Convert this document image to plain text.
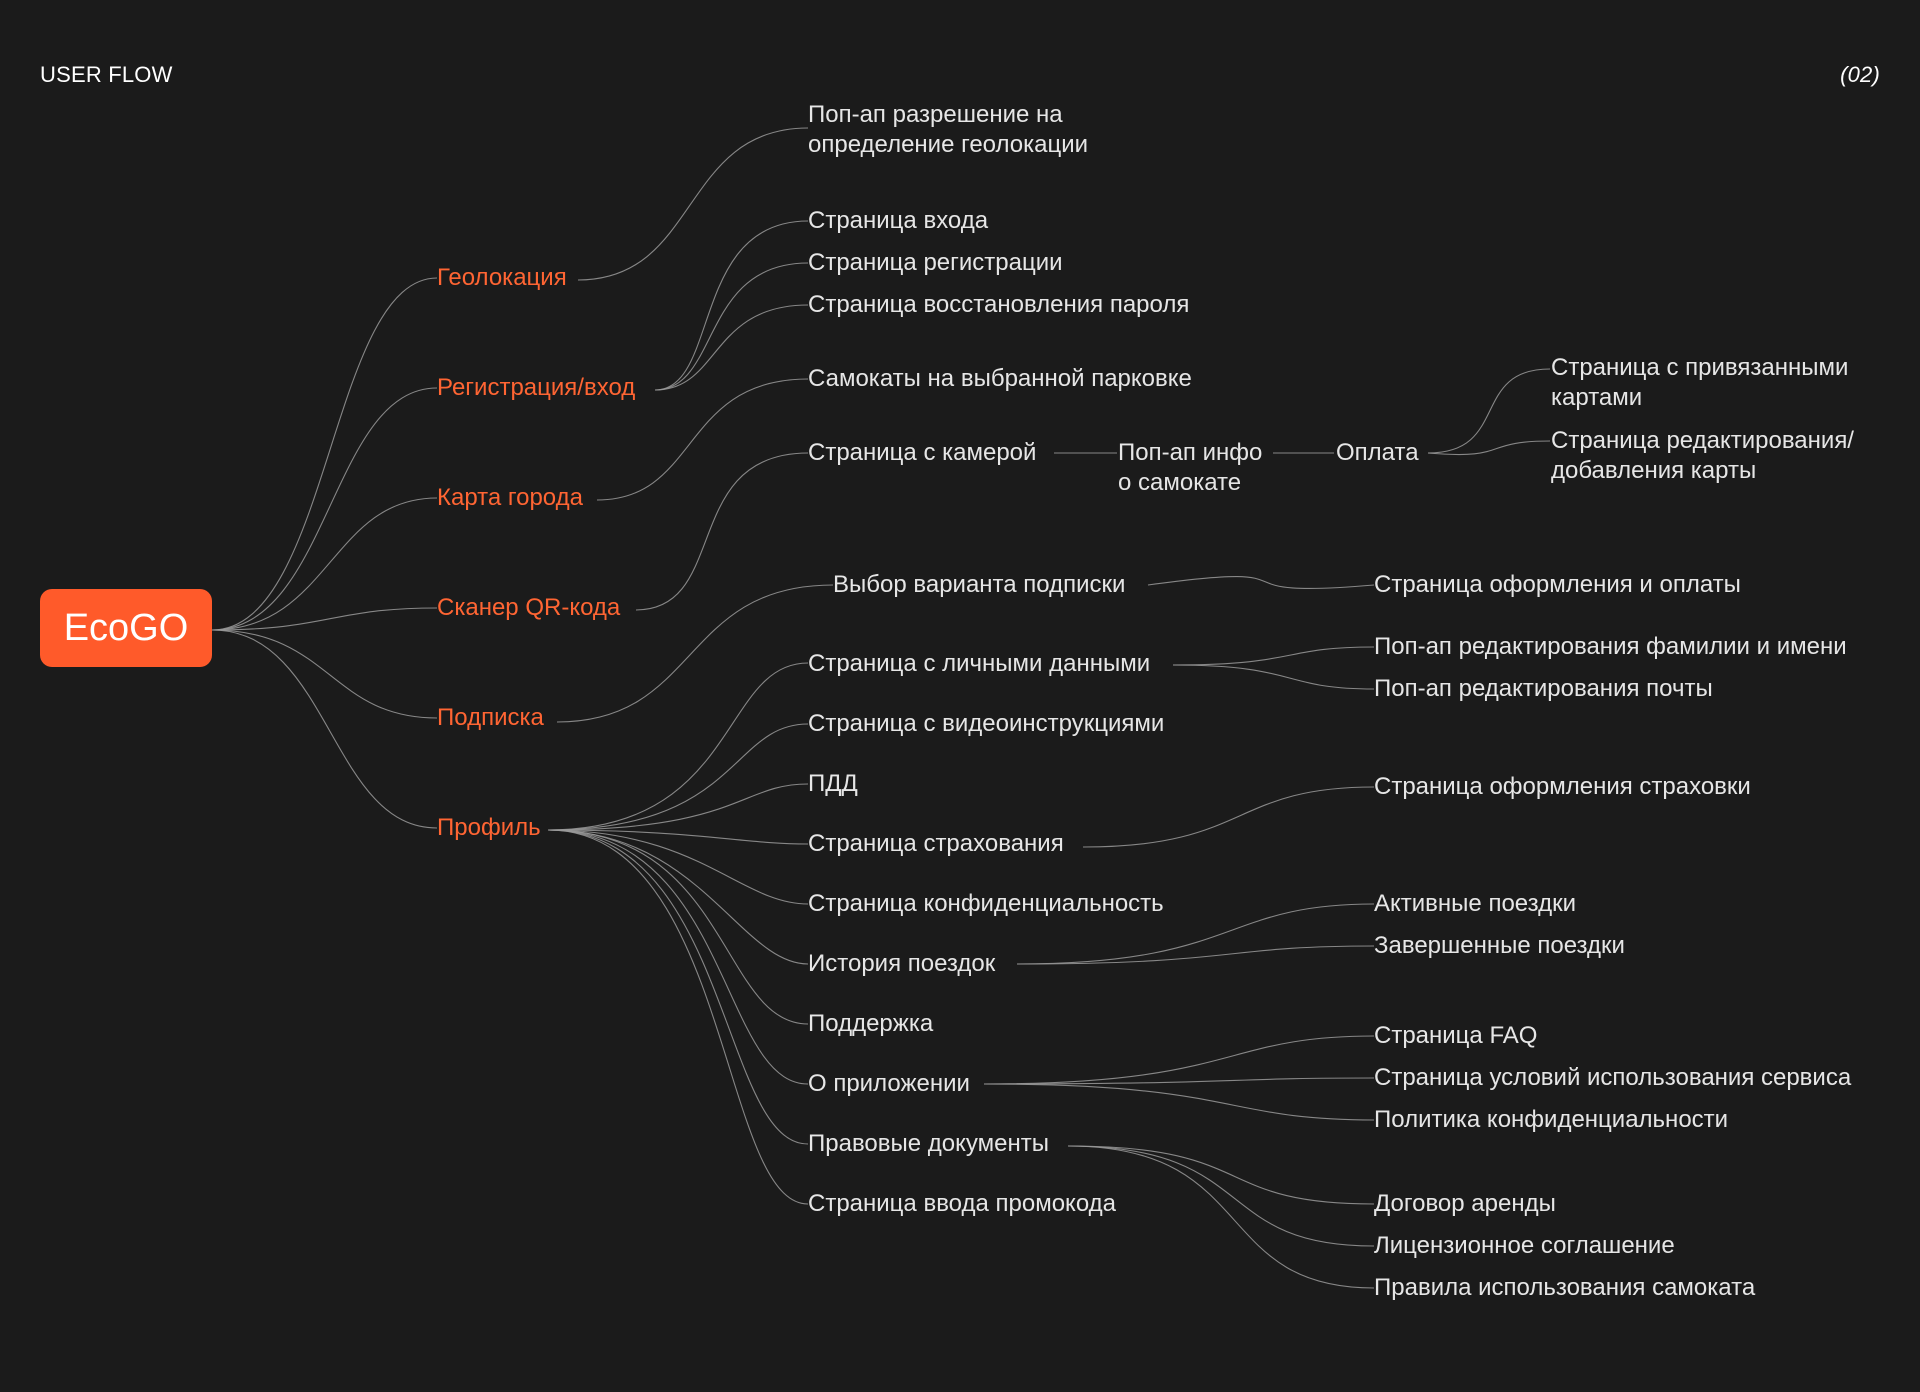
USER FLOW	(02)
EcoGO
Геолокация
Регистрация/вход
Карта города
Сканер QR-кода
Подписка
Профиль
Поп-ап разрешение на
определение геолокации
Страница входа
Страница регистрации
Страница восстановления пароля
Самокаты на выбранной парковке
Страница с камерой	Поп-ап инфо
о самокате
Оплата
Страница с привязанными
картами
Страница редактирования/
добавления карты
Выбор варианта подписки	Страница оформления и оплаты
Страница с личными данными
Поп-ап редактирования фамилии и имени
Поп-ап редактирования почты
Страница с видеоинструкциями
ПДД
Страница страхования
Страница оформления страховки
Страница конфиденциальность
История поездок
Активные поездки
Завершенные поездки
Поддержка
О приложении
Страница FAQ
Страница условий использования сервиса
Политика конфиденциальности
Правовые документы
Договор аренды
Лицензионное соглашение
Правила использования самоката
Страница ввода промокода
